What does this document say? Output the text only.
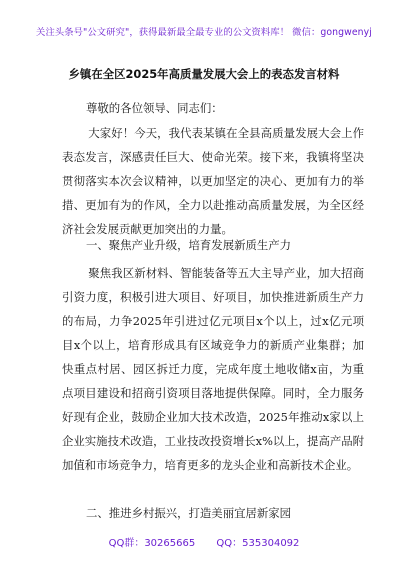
关注头条号"公文研究"，获得最新最全最专业的公文资料库！ 微信：gongwenyj
乡镇在全区2025年高质量发展大会上的表态发言材料
尊敬的各位领导、同志们：

大家好！今天，我代表某镇在全县高质量发展大会上作表态发言，深感责任巨大、使命光荣。接下来，我镇将坚决贯彻落实本次会议精神，以更加坚定的决心、更加有力的举措、更加有为的作风，全力以赴推动高质量发展，为全区经济社会发展贡献更加突出的力量。

一、聚焦产业升级，培育发展新质生产力

聚焦我区新材料、智能装备等五大主导产业，加大招商引资力度，积极引进大项目、好项目，加快推进新质生产力的布局，力争2025年引进过亿元项目x个以上，过x亿元项目x个以上，培育形成具有区域竞争力的新质产业集群；加快重点村居、园区拆迁力度，完成年度土地收储x亩，为重点项目建设和招商引资项目落地提供保障。同时，全力服务好现有企业，鼓励企业加大技术改造，2025年推动x家以上企业实施技术改造，工业技改投资增长x%以上，提高产品附加值和市场竞争力，培育更多的龙头企业和高新技术企业。

二、推进乡村振兴，打造美丽宜居新家园
QQ群：30265665 QQ：535304092
